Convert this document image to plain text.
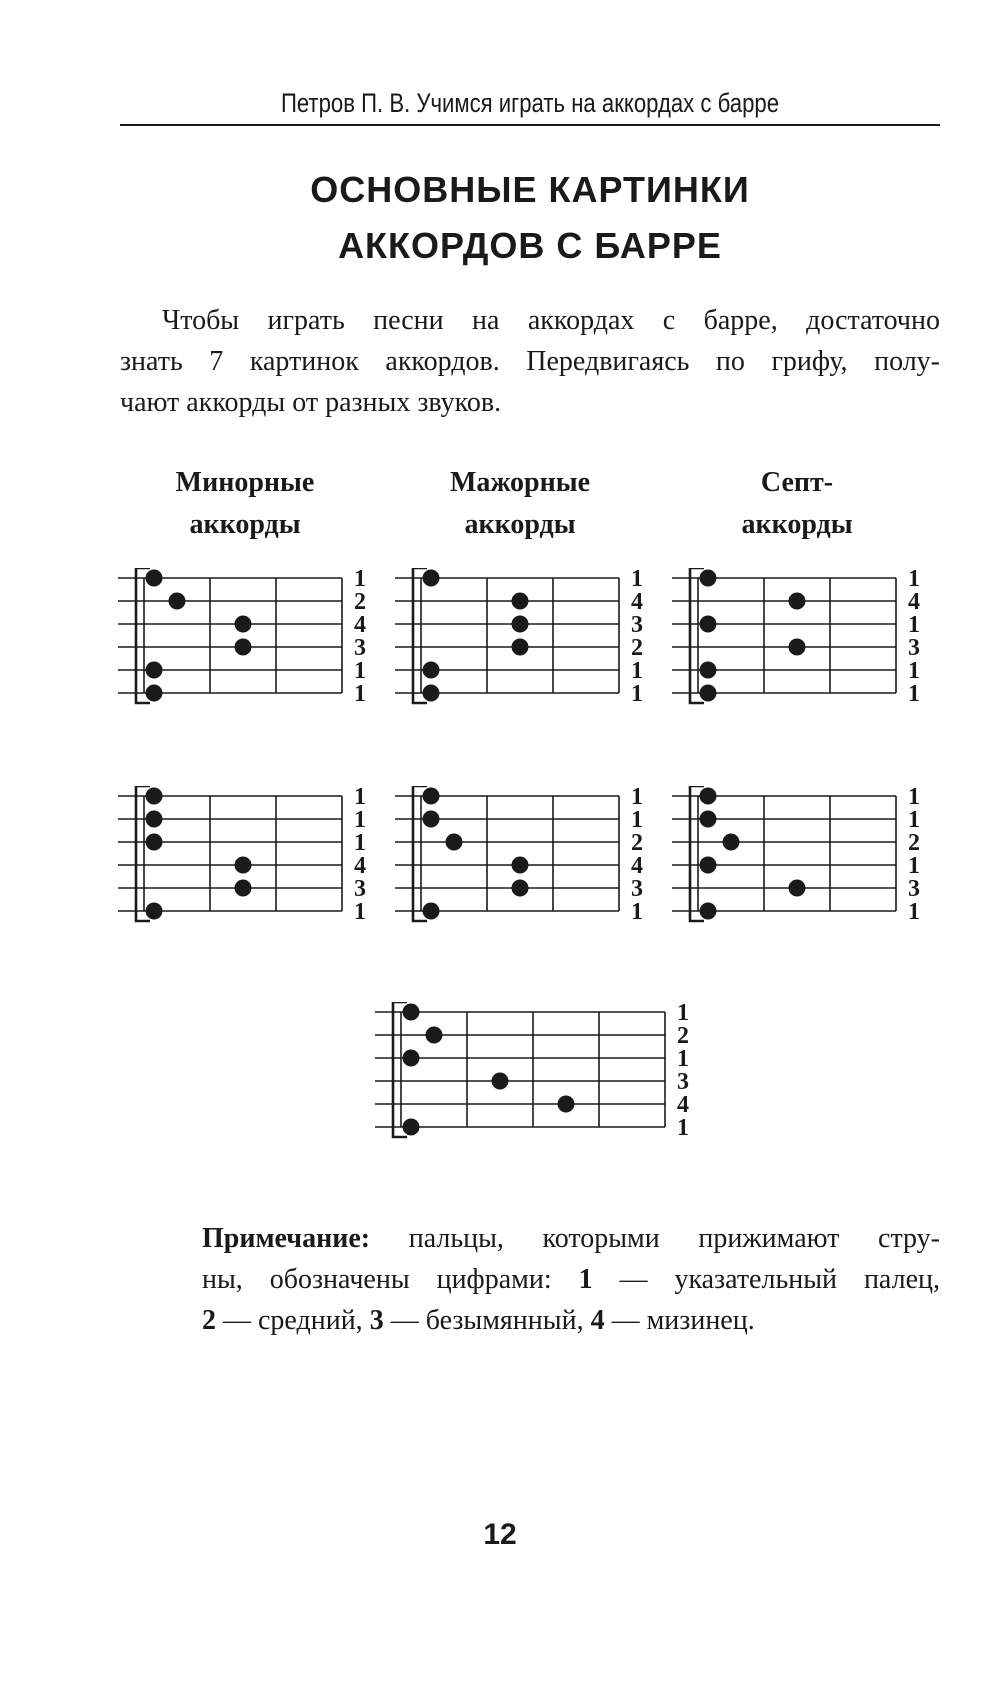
Петров П. В. Учимся играть на аккордах с барре
ОСНОВНЫЕ КАРТИНКИ
АККОРДОВ С БАРРЕ
Чтобы играть песни на аккордах с барре, достаточно
знать 7 картинок аккордов. Передвигаясь по грифу, полу-
чают аккорды от разных звуков.
Минорные
аккорды
Мажорные
аккорды
Септ-
аккорды
1
2
4
3
1
1
1
4
3
2
1
1
1
4
1
3
1
1
1
1
1
4
3
1
1
1
2
4
3
1
1
1
2
1
3
1
1
2
1
3
4
1
Примечание: пальцы, которыми прижимают стру-
ны, обозначены цифрами: 1 — указательный палец,
2 — средний, 3 — безымянный, 4 — мизинец.
12
